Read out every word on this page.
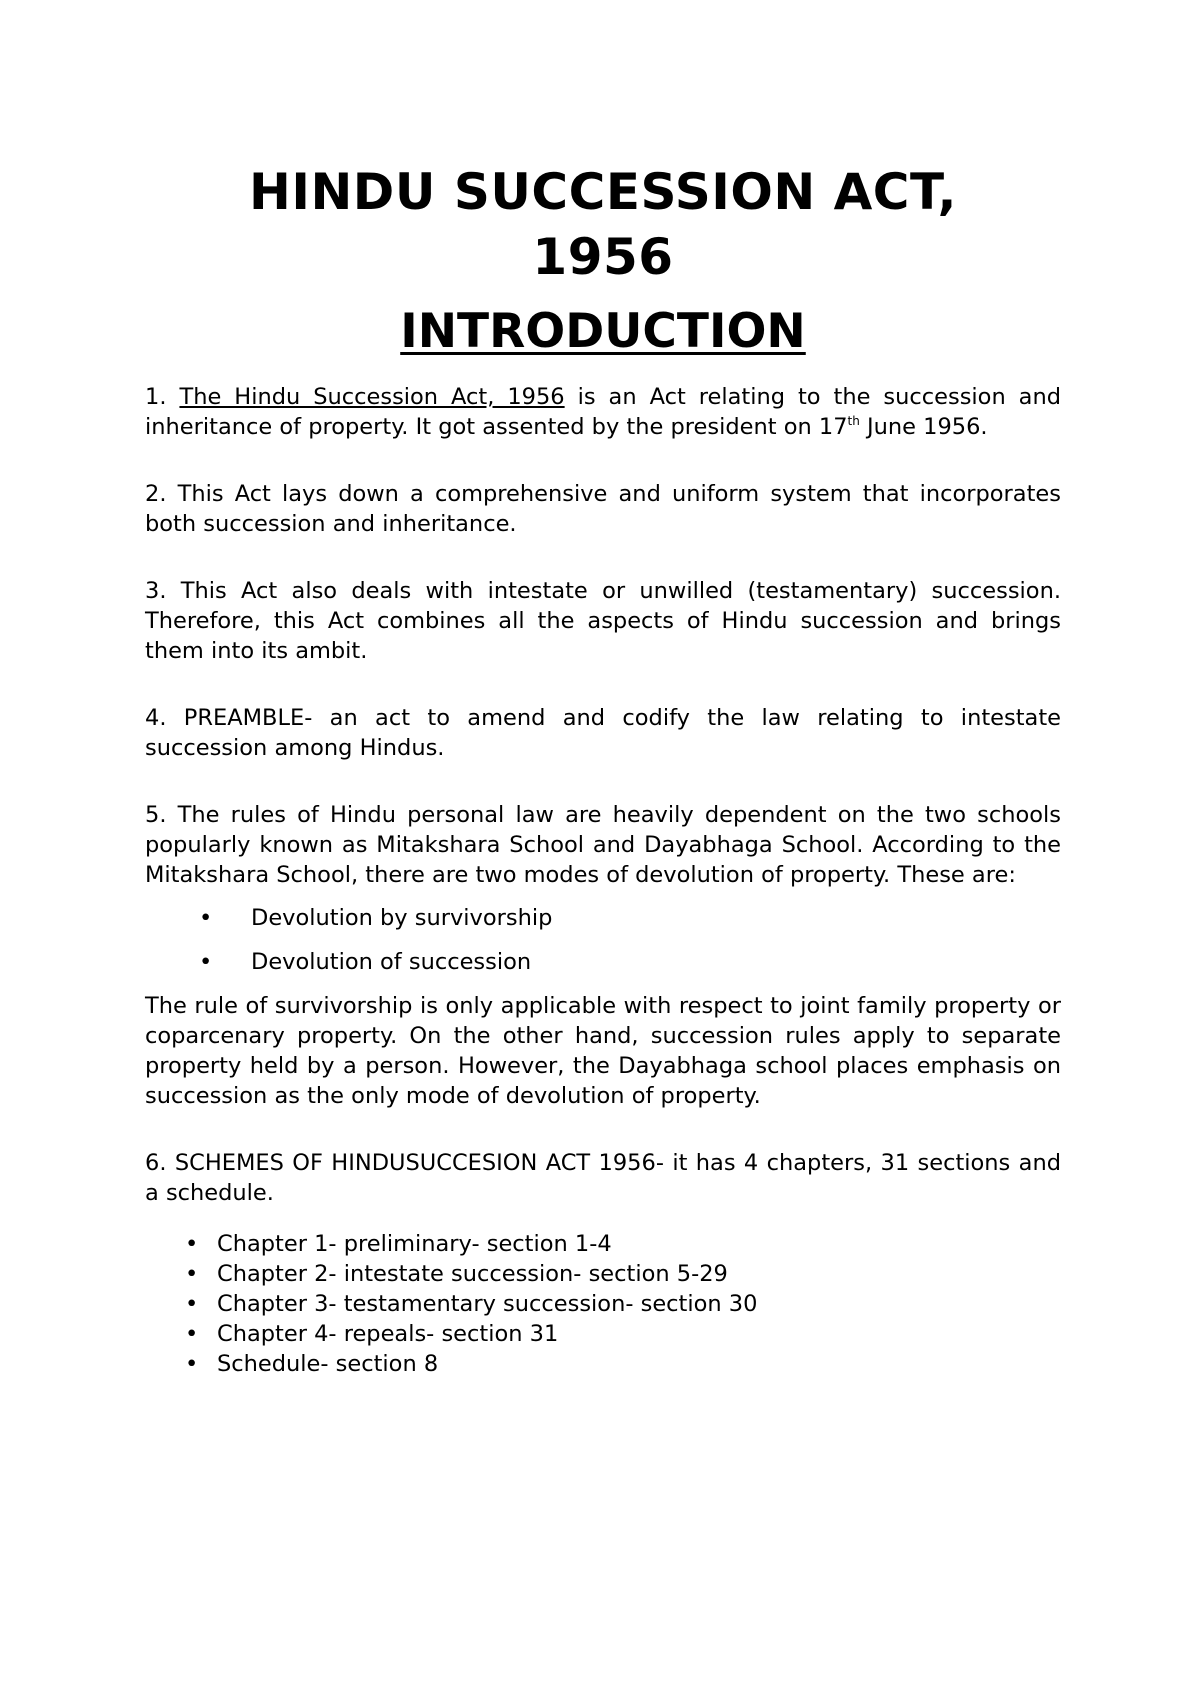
HINDU SUCCESSION ACT,
1956
INTRODUCTION

1. The Hindu Succession Act, 1956 is an Act relating to the succession and inheritance of property. It got assented by the president on 17th June 1956.

2. This Act lays down a comprehensive and uniform system that incorporates both succession and inheritance.

3. This Act also deals with intestate or unwilled (testamentary) succession. Therefore, this Act combines all the aspects of Hindu succession and brings them into its ambit.

4. PREAMBLE- an act to amend and codify the law relating to intestate succession among Hindus.

5. The rules of Hindu personal law are heavily dependent on the two schools popularly known as Mitakshara School and Dayabhaga School. According to the Mitakshara School, there are two modes of devolution of property. These are:

• Devolution by survivorship
• Devolution of succession

The rule of survivorship is only applicable with respect to joint family property or coparcenary property. On the other hand, succession rules apply to separate property held by a person. However, the Dayabhaga school places emphasis on succession as the only mode of devolution of property.

6. SCHEMES OF HINDUSUCCESION ACT 1956- it has 4 chapters, 31 sections and a schedule.

• Chapter 1- preliminary- section 1-4
• Chapter 2- intestate succession- section 5-29
• Chapter 3- testamentary succession- section 30
• Chapter 4- repeals- section 31
• Schedule- section 8
